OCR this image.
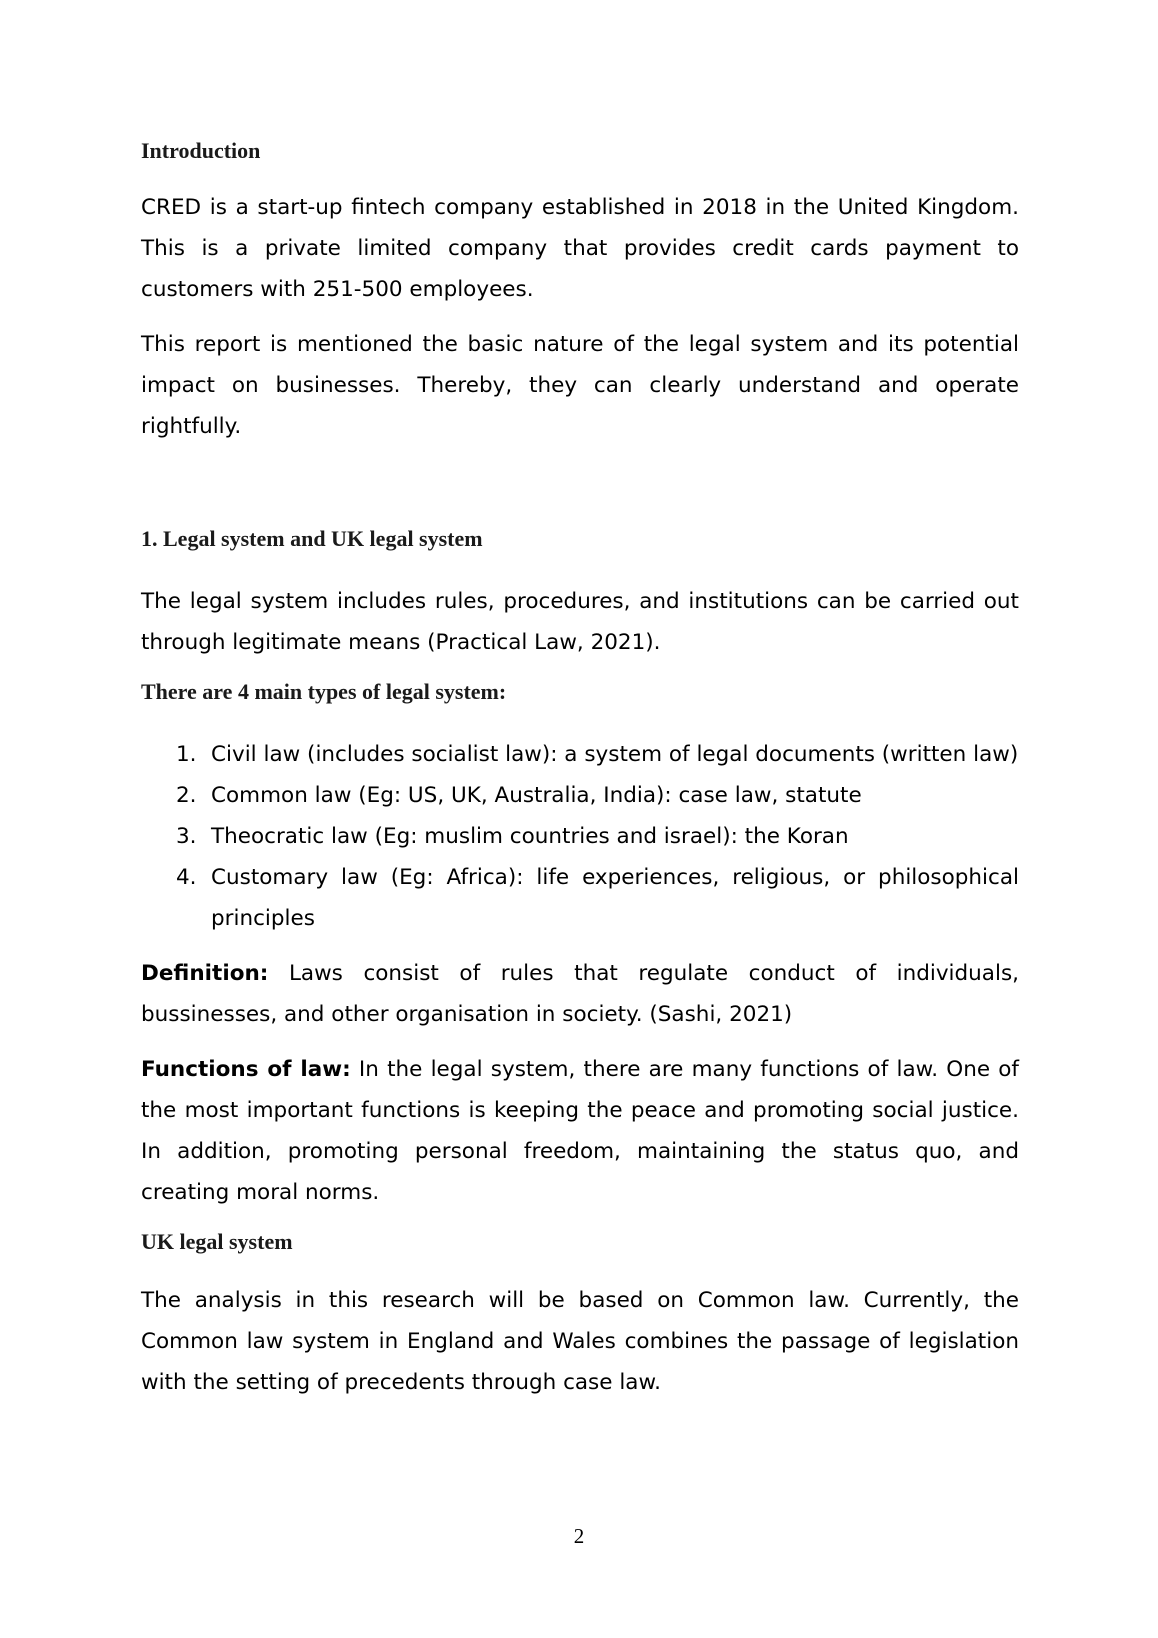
Introduction

CRED is a start-up fintech company established in 2018 in the United Kingdom. This is a private limited company that provides credit cards payment to customers with 251-500 employees.

This report is mentioned the basic nature of the legal system and its potential impact on businesses. Thereby, they can clearly understand and operate rightfully.

1. Legal system and UK legal system

The legal system includes rules, procedures, and institutions can be carried out through legitimate means (Practical Law, 2021).

There are 4 main types of legal system:
1. Civil law (includes socialist law): a system of legal documents (written law)
2. Common law (Eg: US, UK, Australia, India): case law, statute
3. Theocratic law (Eg: muslim countries and israel): the Koran
4. Customary law (Eg: Africa): life experiences, religious, or philosophical principles

Definition: Laws consist of rules that regulate conduct of individuals, bussinesses, and other organisation in society. (Sashi, 2021)

Functions of law: In the legal system, there are many functions of law. One of the most important functions is keeping the peace and promoting social justice. In addition, promoting personal freedom, maintaining the status quo, and creating moral norms.

UK legal system

The analysis in this research will be based on Common law. Currently, the Common law system in England and Wales combines the passage of legislation with the setting of precedents through case law.

2
